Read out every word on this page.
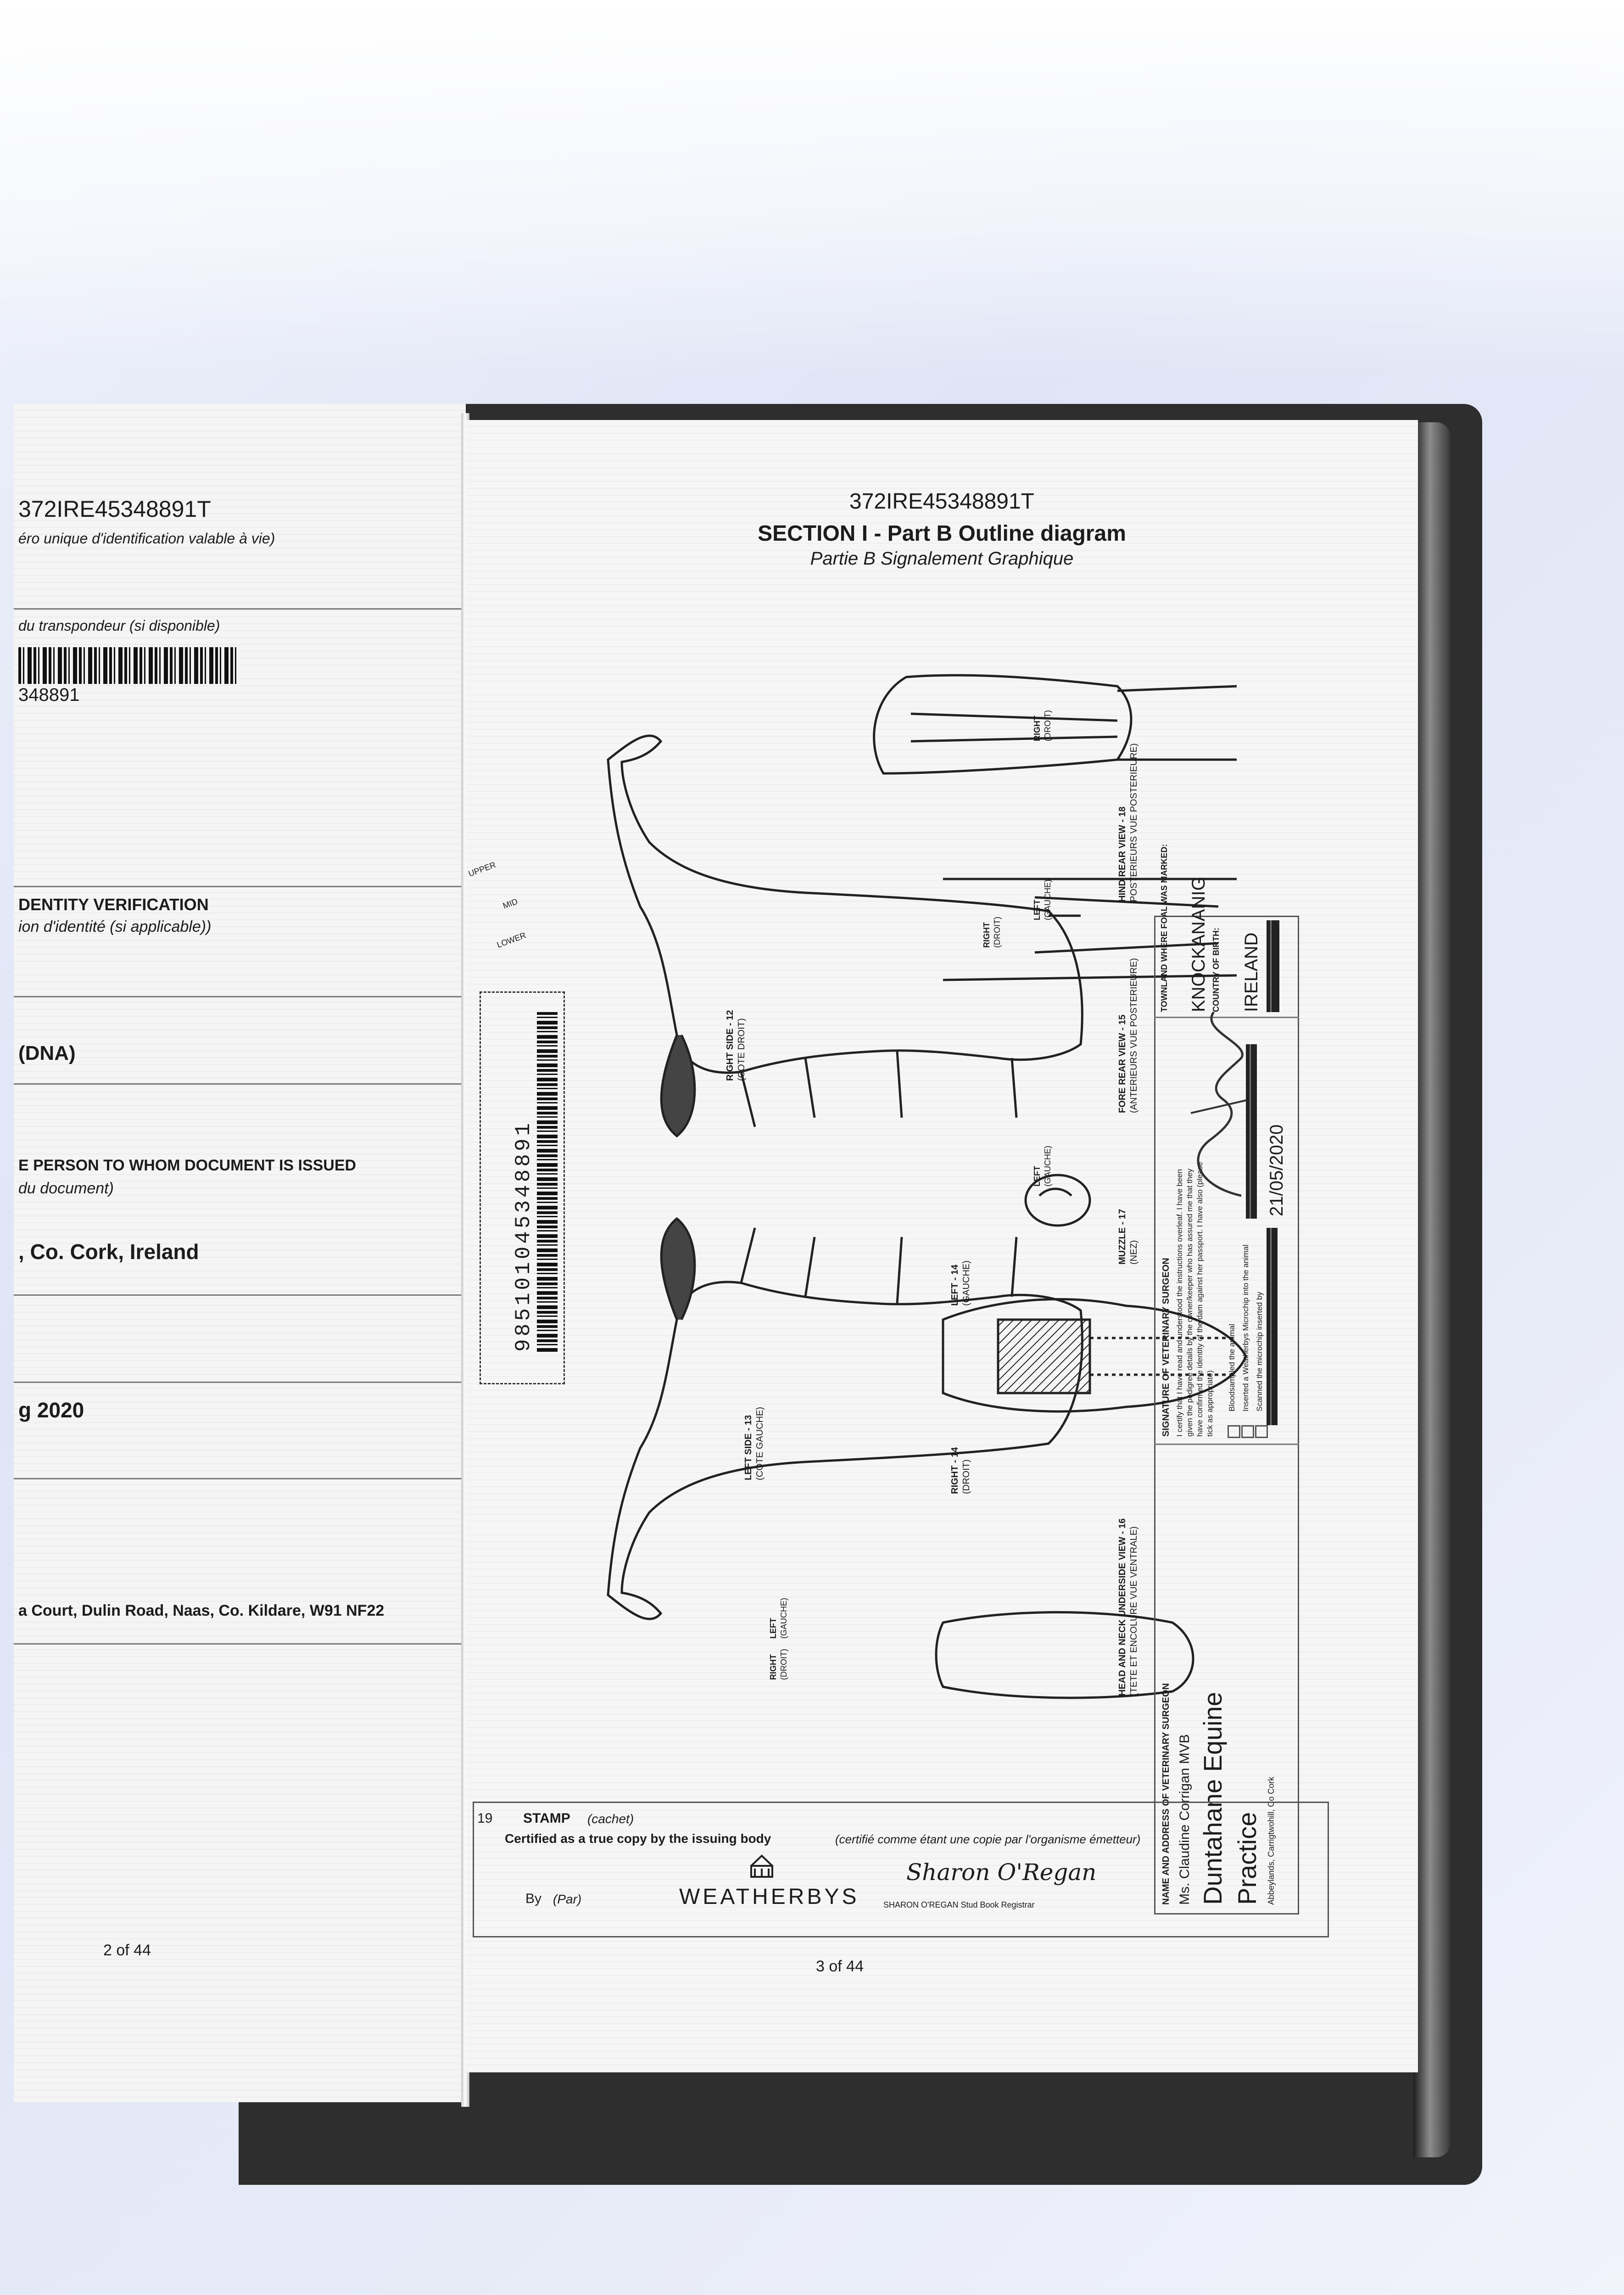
372IRE45348891T
éro unique d'identification valable à vie)
du transpondeur (si disponible)
348891
DENTITY VERIFICATION
ion d'identité (si applicable))
(DNA)
E PERSON TO WHOM DOCUMENT IS ISSUED
du document)
, Co. Cork, Ireland
g 2020
a Court, Dulin Road, Naas, Co. Kildare, W91 NF22
2 of 44
372IRE45348891T
SECTION I - Part B Outline diagram
Partie B Signalement Graphique
UPPER
MID
LOWER
985101045348891
RIGHT SIDE - 12 (COTE DROIT)
LEFT SIDE - 13 (COTE GAUCHE)
FORE REAR VIEW - 15 (ANTERIEURS VUE POSTERIEURE)
HIND REAR VIEW - 18 POSTERIEURS VUE POSTERIEURE)
HEAD AND NECK UNDERSIDE VIEW - 16 (TETE ET ENCOLURE VUE VENTRALE)
MUZZLE - 17 (NEZ)
LEFT - 14 (GAUCHE)
RIGHT - 14 (DROIT)
LEFT (GAUCHE)
RIGHT (DROIT)
LEFT (GAUCHE)
RIGHT (DROIT)
LEFT (GAUCHE)
RIGHT (DROIT)
NAME AND ADDRESS OF VETERINARY SURGEON Ms. Claudine Corrigan MVB Duntahane Equine Practice Abbeylands, Carrigtwohill, Co Cork
SIGNATURE OF VETERINARY SURGEON I certify that I have read and understood the instructions overleaf. I have been given the pedigree details by the owner/keeper who has assured me that they have confirmed the identity of the dam against her passport. I have also (please tick as appropriate) Bloodsampled the animal Inserted a Weatherbys Microchip into the animal Scanned the microchip inserted by
21/05/2020
TOWNLAND WHERE FOAL WAS MARKED: KNOCKANANIG COUNTRY OF BIRTH: IRELAND
19 STAMP (cachet)
Certified as a true copy by the issuing body	(certifié comme étant une copie par l'organisme émetteur)
By (Par)	WEATHERBYS
Sharon O'Regan
SHARON O'REGAN Stud Book Registrar
3 of 44
